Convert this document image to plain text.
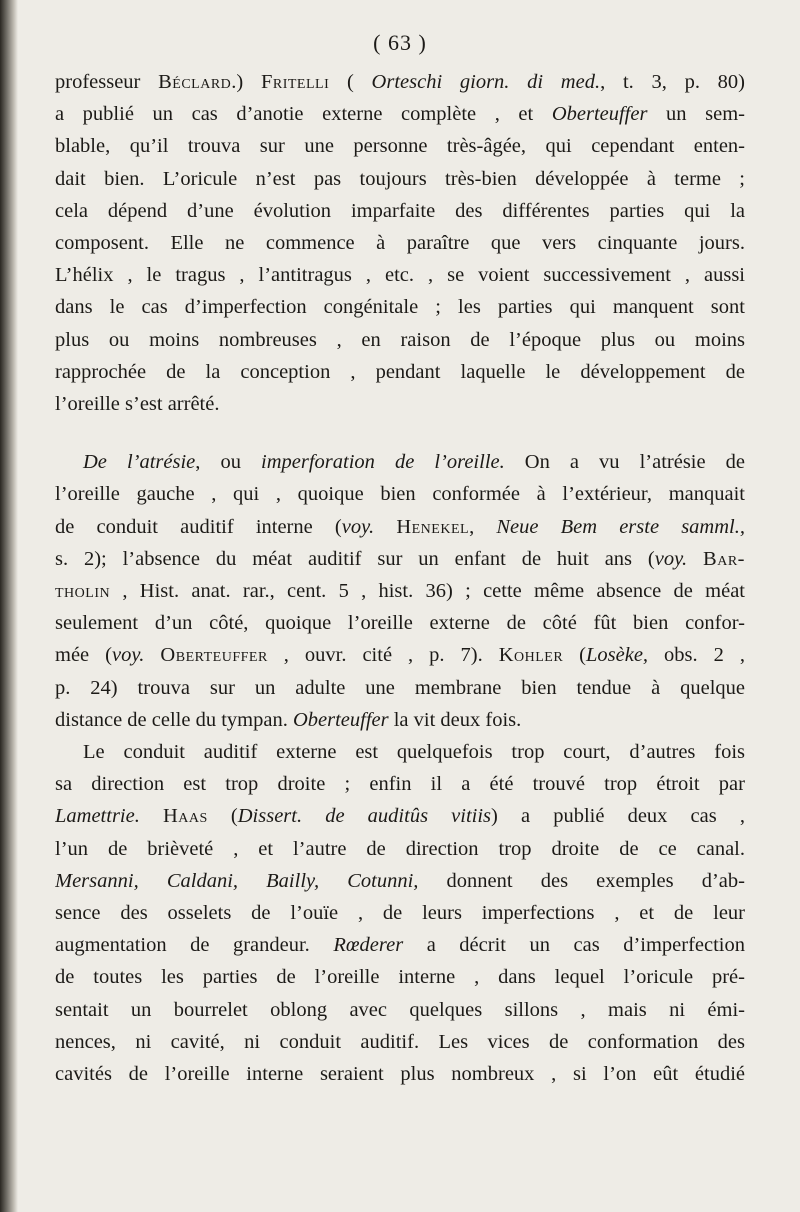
( 63 )
professeur Béclard.) Fritelli ( Orteschi giorn. di med., t. 3, p. 80)
a publié un cas d’anotie externe complète , et Oberteuffer un sem-
blable, qu’il trouva sur une personne très-âgée, qui cependant enten-
dait bien. L’oricule n’est pas toujours très-bien développée à terme ;
cela dépend d’une évolution imparfaite des différentes parties qui la
composent. Elle ne commence à paraître que vers cinquante jours.
L’hélix , le tragus , l’antitragus , etc. , se voient successivement , aussi
dans le cas d’imperfection congénitale ; les parties qui manquent sont
plus ou moins nombreuses , en raison de l’époque plus ou moins
rapprochée de la conception , pendant laquelle le développement de
l’oreille s’est arrêté.
De l’atrésie, ou imperforation de l’oreille. On a vu l’atrésie de
l’oreille gauche , qui , quoique bien conformée à l’extérieur, manquait
de conduit auditif interne (voy. Henekel, Neue Bem erste samml.,
s. 2); l’absence du méat auditif sur un enfant de huit ans (voy. Bar-
tholin , Hist. anat. rar., cent. 5 , hist. 36) ; cette même absence de méat
seulement d’un côté, quoique l’oreille externe de côté fût bien confor-
mée (voy. Oberteuffer , ouvr. cité , p. 7). Kohler (Losèke, obs. 2 ,
p. 24) trouva sur un adulte une membrane bien tendue à quelque
distance de celle du tympan. Oberteuffer la vit deux fois.
Le conduit auditif externe est quelquefois trop court, d’autres fois
sa direction est trop droite ; enfin il a été trouvé trop étroit par
Lamettrie. Haas (Dissert. de auditûs vitiis) a publié deux cas ,
l’un de brièveté , et l’autre de direction trop droite de ce canal.
Mersanni, Caldani, Bailly, Cotunni, donnent des exemples d’ab-
sence des osselets de l’ouïe , de leurs imperfections , et de leur
augmentation de grandeur. Rœderer a décrit un cas d’imperfection
de toutes les parties de l’oreille interne , dans lequel l’oricule pré-
sentait un bourrelet oblong avec quelques sillons , mais ni émi-
nences, ni cavité, ni conduit auditif. Les vices de conformation des
cavités de l’oreille interne seraient plus nombreux , si l’on eût étudié
